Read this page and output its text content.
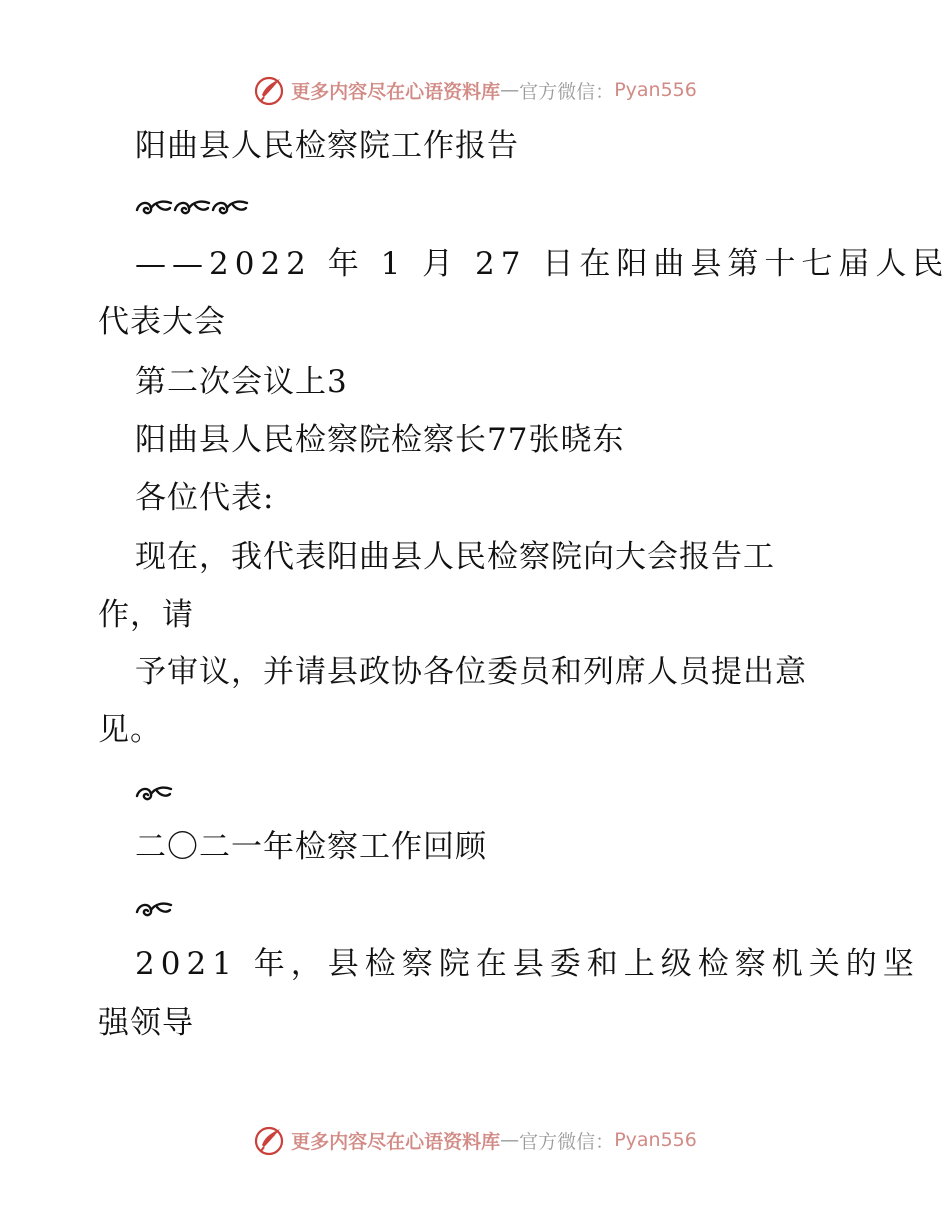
更多内容尽在心语资料库 — 官方微信： Pyan556
阳曲县人民检察院工作报告
——2022 年 1 月 27 日在阳曲县第十七届人民
代表大会
第二次会议上3
阳曲县人民检察院检察长77张晓东
各位代表:
现在，我代表阳曲县人民检察院向大会报告工
作，请
予审议，并请县政协各位委员和列席人员提出意
见。
二〇二一年检察工作回顾
2021 年，县检察院在县委和上级检察机关的坚
强领导
更多内容尽在心语资料库 — 官方微信： Pyan556
